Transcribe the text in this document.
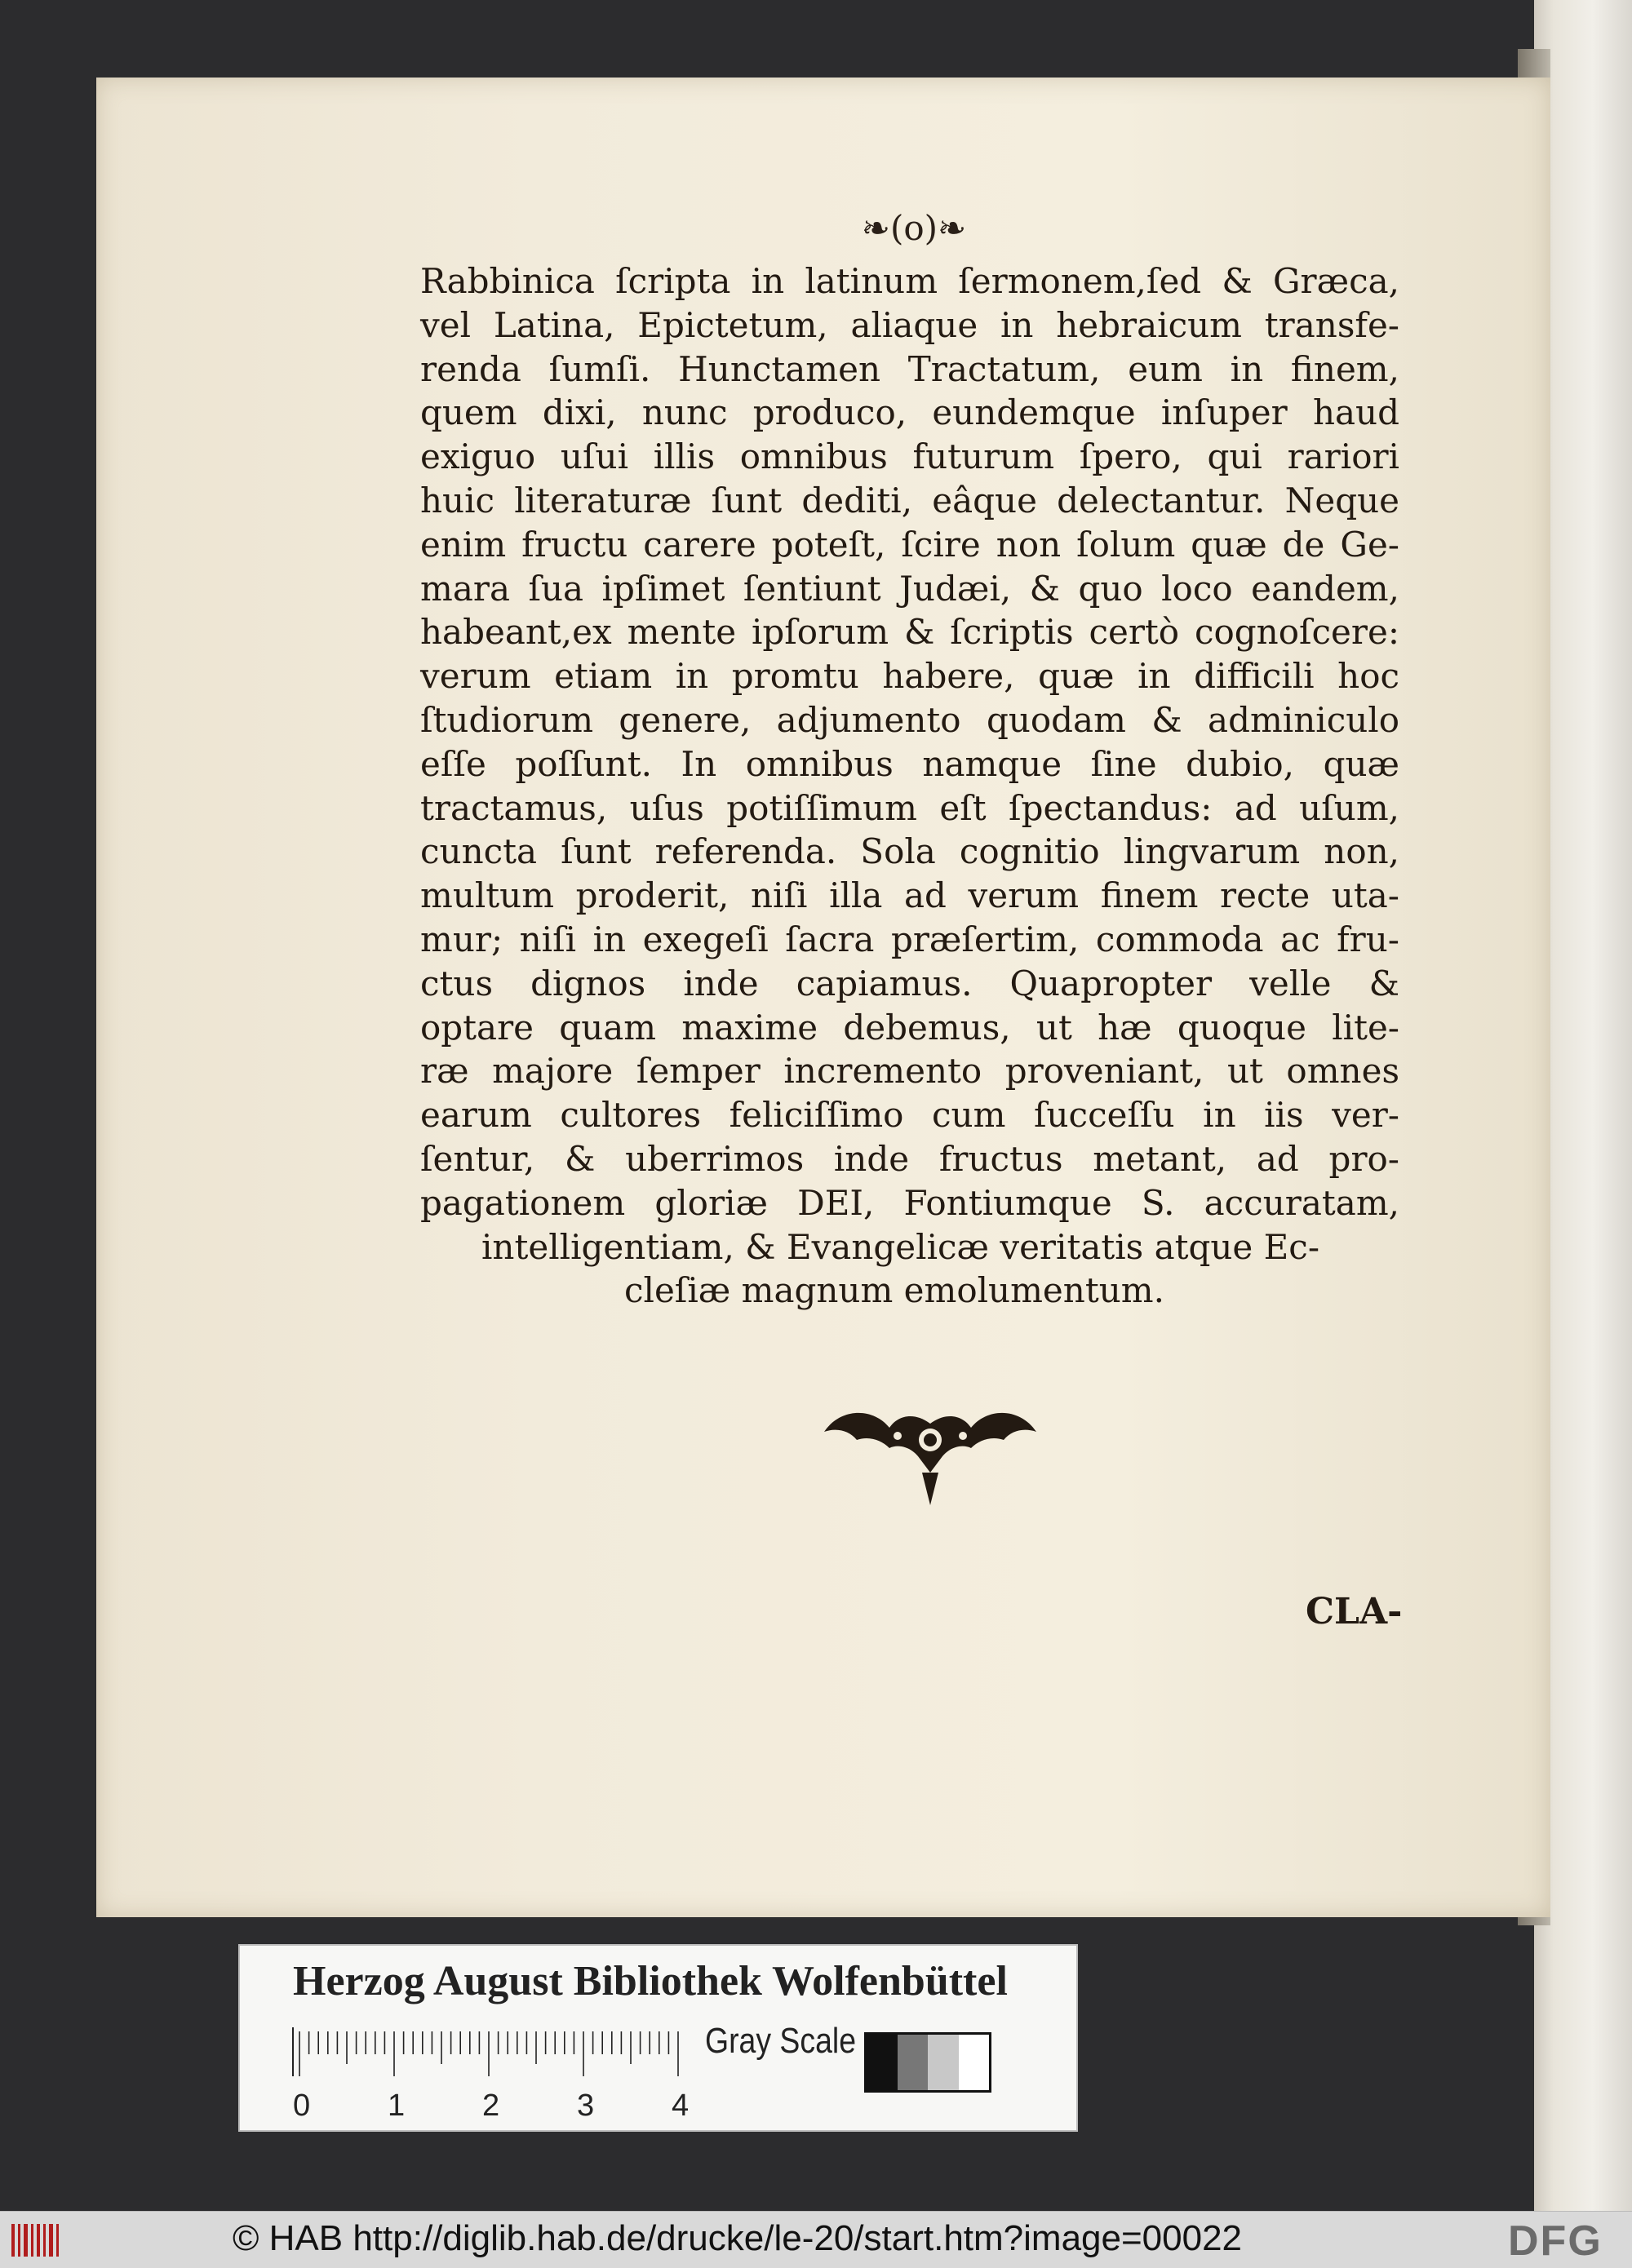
❧(o)❧
Rabbinica ſcripta in latinum ſermonem,ſed & Græca,
vel Latina, Epictetum, aliaque in hebraicum transfe-
renda ſumſi. Hunctamen Tractatum, eum in finem,
quem dixi, nunc produco, eundemque inſuper haud
exiguo uſui illis omnibus futurum ſpero, qui rariori
huic literaturæ ſunt dediti, eâque delectantur. Neque
enim fructu carere poteſt, ſcire non ſolum quæ de Ge-
mara ſua ipſimet ſentiunt Judæi, & quo loco eandem,
habeant,ex mente ipſorum & ſcriptis certò cognoſcere:
verum etiam in promtu habere, quæ in difficili hoc
ſtudiorum genere, adjumento quodam & adminiculo
eſſe poſſunt. In omnibus namque ſine dubio, quæ
tractamus, uſus potiſſimum eſt ſpectandus: ad uſum,
cuncta ſunt referenda. Sola cognitio lingvarum non,
multum proderit, niſi illa ad verum finem recte uta-
mur; niſi in exegeſi ſacra præſertim, commoda ac fru-
ctus dignos inde capiamus. Quapropter velle &
optare quam maxime debemus, ut hæ quoque lite-
ræ majore ſemper incremento proveniant, ut omnes
earum cultores feliciſſimo cum ſucceſſu in iis ver-
ſentur, & uberrimos inde fructus metant, ad pro-
pagationem gloriæ DEI, Fontiumque S. accuratam,
intelligentiam, & Evangelicæ veritatis atque Ec-
cleſiæ magnum emolumentum.
CLA-
Herzog August Bibliothek Wolfenbüttel
0 1 2 3 4
Gray Scale
© HAB http://diglib.hab.de/drucke/le-20/start.htm?image=00022	DFG
